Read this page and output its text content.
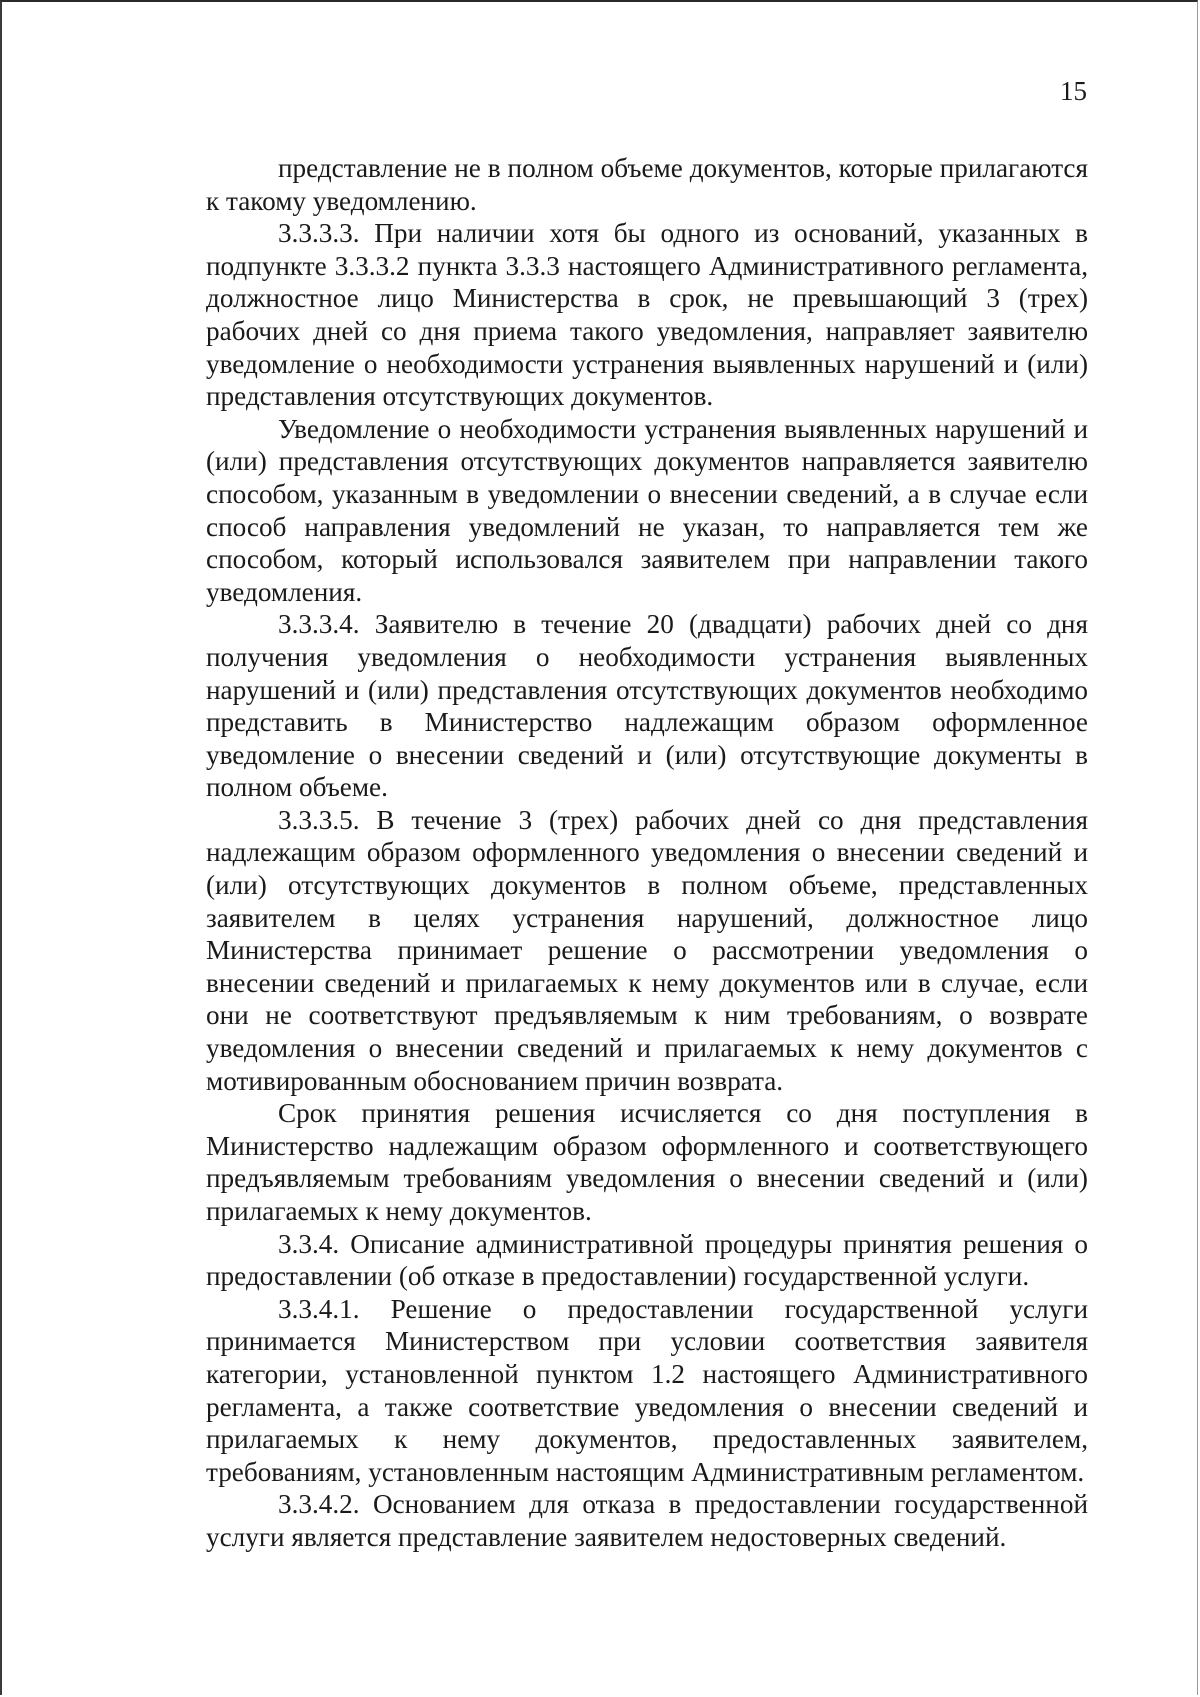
15

представление не в полном объеме документов, которые прилагаются к такому уведомлению.

3.3.3.3. При наличии хотя бы одного из оснований, указанных в подпункте 3.3.3.2 пункта 3.3.3 настоящего Административного регламента, должностное лицо Министерства в срок, не превышающий 3 (трех) рабочих дней со дня приема такого уведомления, направляет заявителю уведомление о необходимости устранения выявленных нарушений и (или) представления отсутствующих документов.

Уведомление о необходимости устранения выявленных нарушений и (или) представления отсутствующих документов направляется заявителю способом, указанным в уведомлении о внесении сведений, а в случае если способ направления уведомлений не указан, то направляется тем же способом, который использовался заявителем при направлении такого уведомления.

3.3.3.4. Заявителю в течение 20 (двадцати) рабочих дней со дня получения уведомления о необходимости устранения выявленных нарушений и (или) представления отсутствующих документов необходимо представить в Министерство надлежащим образом оформленное уведомление о внесении сведений и (или) отсутствующие документы в полном объеме.

3.3.3.5. В течение 3 (трех) рабочих дней со дня представления надлежащим образом оформленного уведомления о внесении сведений и (или) отсутствующих документов в полном объеме, представленных заявителем в целях устранения нарушений, должностное лицо Министерства принимает решение о рассмотрении уведомления о внесении сведений и прилагаемых к нему документов или в случае, если они не соответствуют предъявляемым к ним требованиям, о возврате уведомления о внесении сведений и прилагаемых к нему документов с мотивированным обоснованием причин возврата.

Срок принятия решения исчисляется со дня поступления в Министерство надлежащим образом оформленного и соответствующего предъявляемым требованиям уведомления о внесении сведений и (или) прилагаемых к нему документов.

3.3.4. Описание административной процедуры принятия решения о предоставлении (об отказе в предоставлении) государственной услуги.

3.3.4.1. Решение о предоставлении государственной услуги принимается Министерством при условии соответствия заявителя категории, установленной пунктом 1.2 настоящего Административного регламента, а также соответствие уведомления о внесении сведений и прилагаемых к нему документов, предоставленных заявителем, требованиям, установленным настоящим Административным регламентом.

3.3.4.2. Основанием для отказа в предоставлении государственной услуги является представление заявителем недостоверных сведений.
